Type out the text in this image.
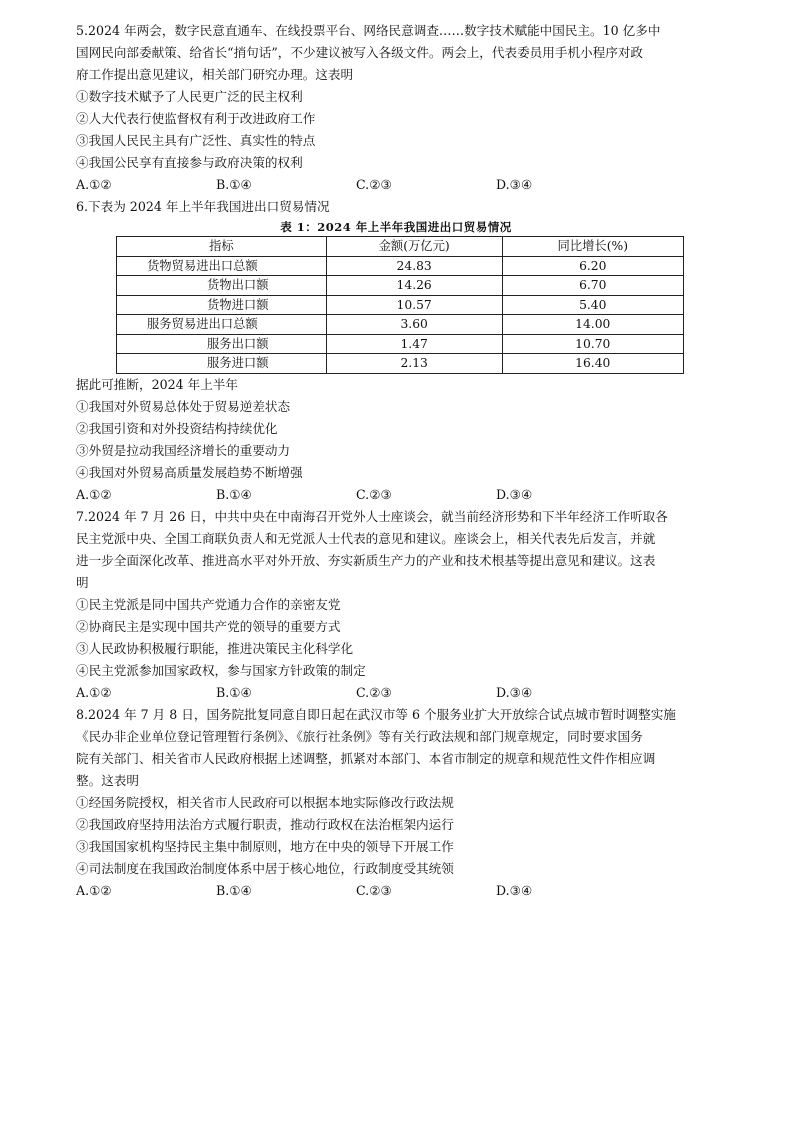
5.2024 年两会，数字民意直通车、在线投票平台、网络民意调查……数字技术赋能中国民主。10 亿多中

国网民向部委献策、给省长“捎句话”，不少建议被写入各级文件。两会上，代表委员用手机小程序对政

府工作提出意见建议，相关部门研究办理。这表明

①数字技术赋予了人民更广泛的民主权利

②人大代表行使监督权有利于改进政府工作

③我国人民民主具有广泛性、真实性的特点

④我国公民享有直接参与政府决策的权利

A.①②	B.①④	C.②③	D.③④

6.下表为 2024 年上半年我国进出口贸易情况

表 1：2024 年上半年我国进出口贸易情况

指标	金额(万亿元)	同比增长(%)
货物贸易进出口总额	24.83	6.20
货物出口额	14.26	6.70
货物进口额	10.57	5.40
服务贸易进出口总额	3.60	14.00
服务出口额	1.47	10.70
服务进口额	2.13	16.40

据此可推断，2024 年上半年

①我国对外贸易总体处于贸易逆差状态

②我国引资和对外投资结构持续优化

③外贸是拉动我国经济增长的重要动力

④我国对外贸易高质量发展趋势不断增强

A.①②	B.①④	C.②③	D.③④

7.2024 年 7 月 26 日，中共中央在中南海召开党外人士座谈会，就当前经济形势和下半年经济工作听取各

民主党派中央、全国工商联负责人和无党派人士代表的意见和建议。座谈会上，相关代表先后发言，并就

进一步全面深化改革、推进高水平对外开放、夯实新质生产力的产业和技术根基等提出意见和建议。这表

明

①民主党派是同中国共产党通力合作的亲密友党

②协商民主是实现中国共产党的领导的重要方式

③人民政协积极履行职能，推进决策民主化科学化

④民主党派参加国家政权，参与国家方针政策的制定

A.①②	B.①④	C.②③	D.③④

8.2024 年 7 月 8 日，国务院批复同意自即日起在武汉市等 6 个服务业扩大开放综合试点城市暂时调整实施

《民办非企业单位登记管理暂行条例》、《旅行社条例》等有关行政法规和部门规章规定，同时要求国务

院有关部门、相关省市人民政府根据上述调整，抓紧对本部门、本省市制定的规章和规范性文件作相应调

整。这表明

①经国务院授权，相关省市人民政府可以根据本地实际修改行政法规

②我国政府坚持用法治方式履行职责，推动行政权在法治框架内运行

③我国国家机构坚持民主集中制原则，地方在中央的领导下开展工作

④司法制度在我国政治制度体系中居于核心地位，行政制度受其统领

A.①②	B.①④	C.②③	D.③④
